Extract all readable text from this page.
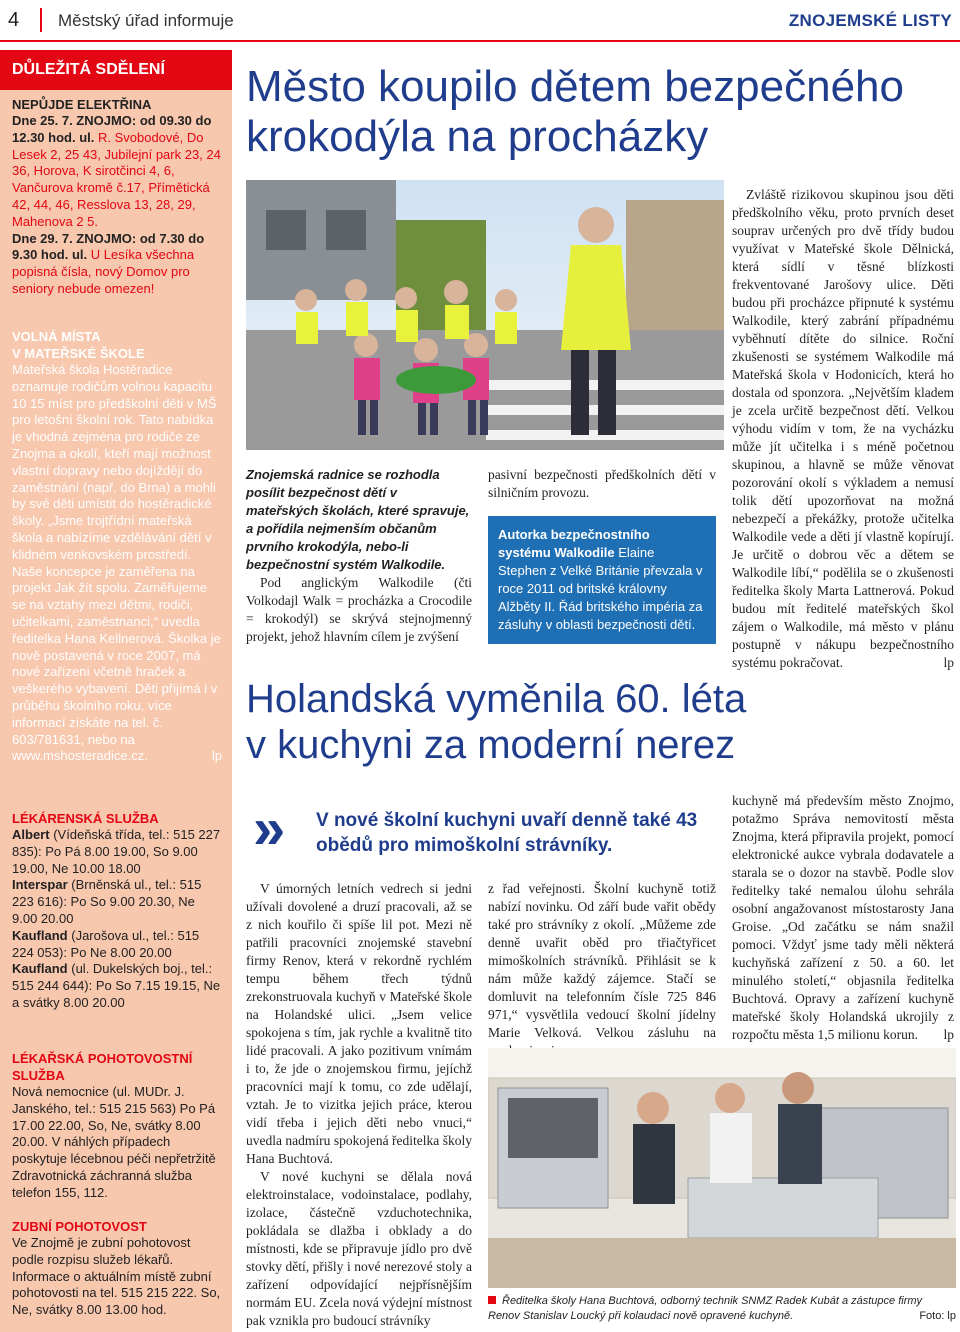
4 Městský úřad informuje	ZNOJEMSKÉ LISTY
DŮLEŽITÁ SDĚLENÍ
NEPŮJDE ELEKTŘINA

Dne 25. 7. ZNOJMO: od 09.30 do 12.30 hod. ul. R. Svobodové, Do Lesek 2, 25 43, Jubilejní park 23, 24 36, Horova, K sirotčinci 4, 6, Vančurova kromě č.17, Přímětická 42, 44, 46, Resslova 13, 28, 29, Mahenova 2 5.

Dne 29. 7. ZNOJMO: od 7.30 do 9.30 hod. ul. U Lesíka všechna popisná čísla, nový Domov pro seniory nebude omezen!

VOLNÁ MÍSTA
V MATEŘSKÉ ŠKOLE

Mateřská škola Hostěradice oznamuje rodičům volnou kapacitu 10 15 míst pro předškolní děti v MŠ pro letošní školní rok. Tato nabídka je vhodná zejména pro rodiče ze Znojma a okolí, kteří mají možnost vlastní dopravy nebo dojíždějí do zaměstnání (např. do Brna) a mohli by své děti umístit do hostěradické školy. „Jsme trojtřídní mateřská škola a nabízíme vzdělávání dětí v klidném venkovském prostředí. Naše koncepce je zaměřena na projekt Jak žít spolu. Zaměřujeme se na vztahy mezi dětmi, rodiči, učitelkami, zaměstnanci,“ uvedla ředitelka Hana Kellnerová. Školka je nově postavená v roce 2007, má nové zařízení včetně hraček a veškerého vybavení. Děti přijímá i v průběhu školního roku, více informací získáte na tel. č. 603/781631, nebo na www.mshosteradice.cz.	lp

LÉKÁRENSKÁ SLUŽBA

Albert (Vídeňská třída, tel.: 515 227 835): Po Pá 8.00 19.00, So 9.00 19.00, Ne 10.00 18.00

Interspar (Brněnská ul., tel.: 515 223 616): Po So 9.00 20.30, Ne 9.00 20.00

Kaufland (Jarošova ul., tel.: 515 224 053): Po Ne 8.00 20.00

Kaufland (ul. Dukelských boj., tel.: 515 244 644): Po So 7.15 19.15, Ne a svátky 8.00 20.00

LÉKAŘSKÁ POHOTOVOSTNÍ SLUŽBA

Nová nemocnice (ul. MUDr. J. Janského, tel.: 515 215 563) Po Pá 17.00 22.00, So, Ne, svátky 8.00 20.00. V náhlých případech poskytuje lécebnou péči nepřetržitě Zdravotnická záchranná služba telefon 155, 112.

ZUBNÍ POHOTOVOST

Ve Znojmě je zubní pohotovost podle rozpisu služeb lékařů. Informace o aktuálním místě zubní pohotovosti na tel. 515 215 222. So, Ne, svátky 8.00 13.00 hod.

Město koupilo dětem bezpečného
krokodýla na procházky

Znojemská radnice se rozhodla posílit bezpečnost dětí v mateřských školách, které spravuje, a pořídila nejmenším občanům prvního krokodýla, nebo-li bezpečnostní systém Walkodile.

Pod anglickým Walkodile (čti Volkodajl Walk = procházka a Crocodile = krokodýl) se skrývá stejnojmenný projekt, jehož hlavním cílem je zvýšení

pasivní bezpečnosti předškolních dětí v silničním provozu.

Autorka bezpečnostního systému Walkodile Elaine Stephen z Velké Británie převzala v roce 2011 od britské královny Alžběty II. Řád britského impéria za zásluhy v oblasti bezpečnosti dětí.

Zvláště rizikovou skupinou jsou děti předškolního věku, proto prvních deset souprav určených pro dvě třídy budou využívat v Mateřské škole Dělnická, která sídlí v těsné blízkosti frekventované Jarošovy ulice. Děti budou při procházce připnuté k systému Walkodile, který zabrání případnému vyběhnutí dítěte do silnice. Roční zkušenosti se systémem Walkodile má Mateřská škola v Hodonicích, která ho dostala od sponzora. „Největším kladem je zcela určitě bezpečnost dětí. Velkou výhodu vidím v tom, že na vycházku může jít učitelka i s méně početnou skupinou, a hlavně se může věnovat pozorování okolí s výkladem a nemusí tolik dětí upozorňovat na možná nebezpečí a překážky, protože učitelka Walkodile vede a děti jí vlastně kopírují. Je určitě o dobrou věc a dětem se Walkodile líbí,“ podělila se o zkušenosti ředitelka školy Marta Lattnerová. Pokud budou mít ředitelé mateřských škol zájem o Walkodile, má město v plánu postupně v nákupu bezpečnostního systému pokračovat.	lp

Holandská vyměnila 60. léta
v kuchyni za moderní nerez
» V nové školní kuchyni uvaří denně také 43 obědů pro mimoškolní strávníky.

V úmorných letních vedrech si jedni užívali dovolené a druzí pracovali, až se z nich kouřilo či spíše lil pot. Mezi ně patřili pracovníci znojemské stavební firmy Renov, která v rekordně rychlém tempu během třech týdnů zrekonstruovala kuchyň v Mateřské škole na Holandské ulici. „Jsem velice spokojena s tím, jak rychle a kvalitně tito lidé pracovali. A jako pozitivum vnímám i to, že jde o znojemskou firmu, jejíchž pracovníci mají k tomu, co zde udělají, vztah. Je to vizitka jejich práce, kterou vidí třeba i jejich děti nebo vnuci,“ uvedla nadmíru spokojená ředitelka školy Hana Buchtová.

V nové kuchyni se dělala nová elektroinstalace, vodoinstalace, podlahy, izolace, částečně vzduchotechnika, pokládala se dlažba i obklady a do místnosti, kde se připravuje jídlo pro dvě stovky dětí, přišly i nové nerezové stoly a zařízení odpovídající nejpřísnějším normám EU. Zcela nová výdejní místnost pak vznikla pro budoucí strávníky

z řad veřejnosti. Školní kuchyně totiž nabízí novinku. Od září bude vařit obědy také pro strávníky z okolí. „Můžeme zde denně uvařit oběd pro třiačtyřicet mimoškolních strávníků. Přihlásit se k nám může každý zájemce. Stačí se domluvit na telefonním čísle 725 846 971,“ vysvětlila vedoucí školní jídelny Marie Velková. Velkou zásluhu na

kuchyně má především město Znojmo, potažmo Správa nemovitostí města Znojma, která připravila projekt, pomocí elektronické aukce vybrala dodavatele a starala se o dozor na stavbě. Podle slov ředitelky také nemalou úlohu sehrála osobní angažovanost místostarosty Jana Groise. „Od začátku se nám snažil pomoci. Vždyť jsme tady měli některá kuchyňská zařízení z 50. a 60. let minulého století,“ objasnila ředitelka Buchtová. Opravy a zařízení kuchyně mateřské školy Holandská ukrojily z rozpočtu města 1,5 milionu korun. lp

Ředitelka školy Hana Buchtová, odborný technik SNMZ Radek Kubát a zástupce firmy Renov Stanislav Loucký při kolaudaci nově opravené kuchyně.	Foto: lp
